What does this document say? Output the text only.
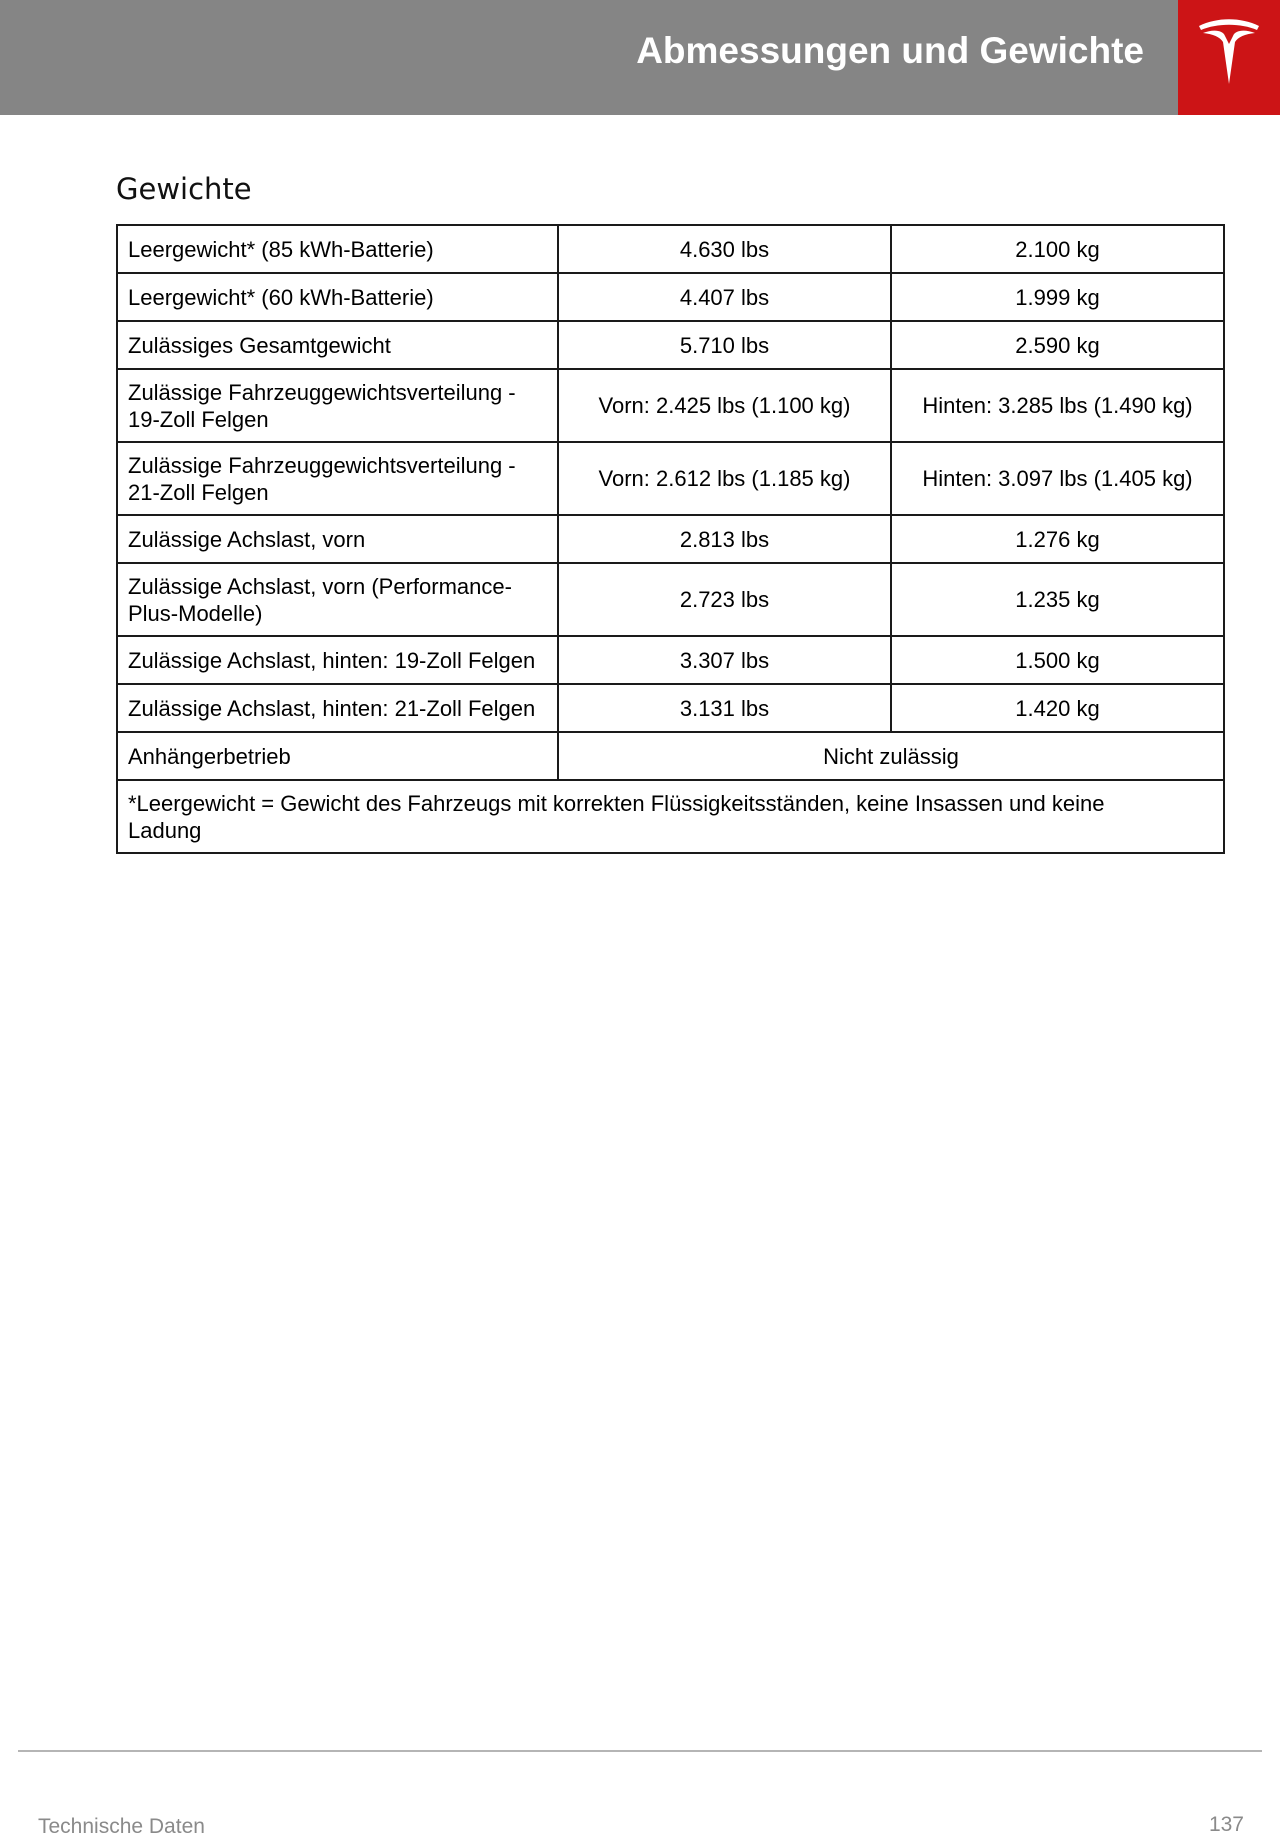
Abmessungen und Gewichte
Gewichte
Leergewicht* (85 kWh-Batterie)	4.630 lbs	2.100 kg
Leergewicht* (60 kWh-Batterie)	4.407 lbs	1.999 kg
Zulässiges Gesamtgewicht	5.710 lbs	2.590 kg
Zulässige Fahrzeuggewichtsverteilung -
19-Zoll Felgen	Vorn: 2.425 lbs (1.100 kg)	Hinten: 3.285 lbs (1.490 kg)
Zulässige Fahrzeuggewichtsverteilung -
21-Zoll Felgen	Vorn: 2.612 lbs (1.185 kg)	Hinten: 3.097 lbs (1.405 kg)
Zulässige Achslast, vorn	2.813 lbs	1.276 kg
Zulässige Achslast, vorn (Performance-
Plus-Modelle)	2.723 lbs	1.235 kg
Zulässige Achslast, hinten: 19-Zoll Felgen	3.307 lbs	1.500 kg
Zulässige Achslast, hinten: 21-Zoll Felgen	3.131 lbs	1.420 kg
Anhängerbetrieb	Nicht zulässig	
*Leergewicht = Gewicht des Fahrzeugs mit korrekten Flüssigkeitsständen, keine Insassen und keine
Ladung		
Technische Daten	137
